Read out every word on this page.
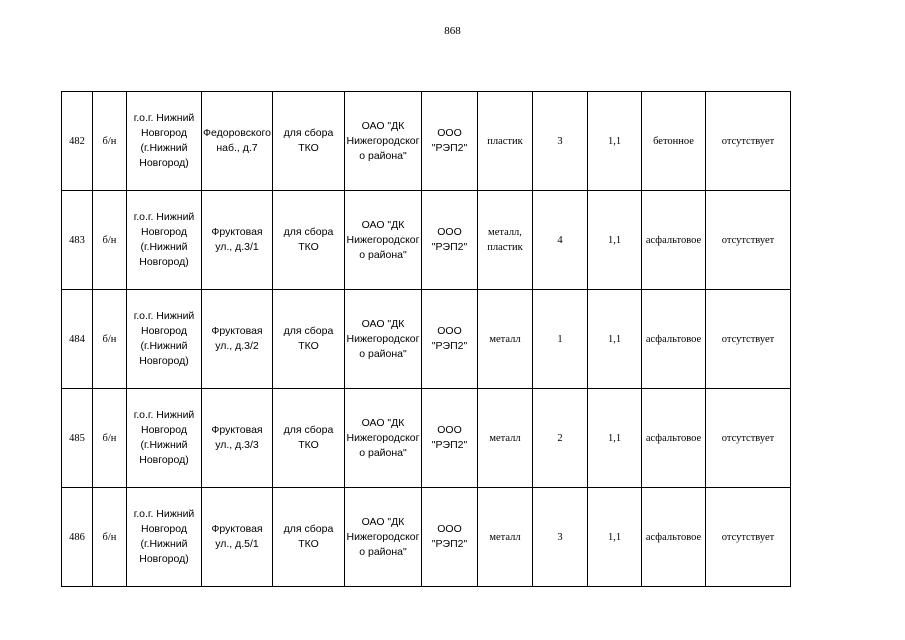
868
482	б/н	г.о.г. Нижний Новгород (г.Нижний Новгород)	Федоровского наб., д.7	для сбора ТКО	ОАО "ДК Нижегородского района"	ООО "РЭП2"	пластик	3	1,1	бетонное	отсутствует
483	б/н	г.о.г. Нижний Новгород (г.Нижний Новгород)	Фруктовая ул., д.3/1	для сбора ТКО	ОАО "ДК Нижегородского района"	ООО "РЭП2"	металл, пластик	4	1,1	асфальтовое	отсутствует
484	б/н	г.о.г. Нижний Новгород (г.Нижний Новгород)	Фруктовая ул., д.3/2	для сбора ТКО	ОАО "ДК Нижегородского района"	ООО "РЭП2"	металл	1	1,1	асфальтовое	отсутствует
485	б/н	г.о.г. Нижний Новгород (г.Нижний Новгород)	Фруктовая ул., д.3/3	для сбора ТКО	ОАО "ДК Нижегородского района"	ООО "РЭП2"	металл	2	1,1	асфальтовое	отсутствует
486	б/н	г.о.г. Нижний Новгород (г.Нижний Новгород)	Фруктовая ул., д.5/1	для сбора ТКО	ОАО "ДК Нижегородского района"	ООО "РЭП2"	металл	3	1,1	асфальтовое	отсутствует
